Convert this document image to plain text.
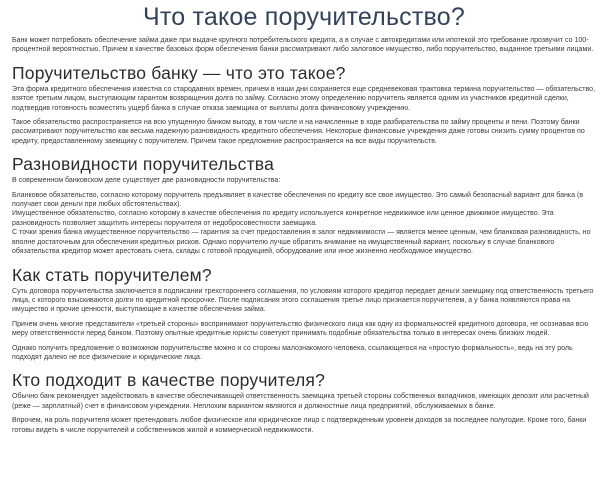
Что такое поручительство?

Банк может потребовать обеспечение займа даже при выдаче крупного потребительского кредита, а в случае с автокредитами или ипотекой это требование прозвучит со 100-процентной вероятностью. Причем в качестве базовых форм обеспечения банки рассматривают либо залоговое имущество, либо поручительство, выданное третьими лицами.

Поручительство банку — что это такое?

Эта форма кредитного обеспечения известна со стародавних времен, причем в наши дни сохраняется еще средневековая трактовка термина поручительство — обязательство, взятое третьим лицом, выступающим гарантом возвращения долга по займу. Согласно этому определению поручитель является одним из участников кредитной сделки, подтвердив готовность возместить ущерб банка в случае отказа заемщика от выплаты долга финансовому учреждению.

Такое обязательство распространяется на всю упущенную банком выгоду, в том числе и на начисленные в ходе разбирательства по займу проценты и пени. Поэтому банки рассматривают поручительство как весьма надежную разновидность кредитного обеспечения. Некоторые финансовые учреждения даже готовы снизить сумму процентов по кредиту, предоставленному заемщику с поручителем. Причем такое предложение распространяется на все виды поручительств.

Разновидности поручительства

В современном банковском деле существует две разновидности поручительства:

Бланковое обязательство, согласно которому поручитель предъявляет в качестве обеспечения по кредиту все свое имущество. Это самый безопасный вариант для банка (в получает свои деньги при любых обстоятельствах).

Имущественное обязательство, согласно которому в качестве обеспечения по кредиту используется конкретное недвижимое или ценное движимое имущество. Эта разновидность позволяет защитить интересы поручителя от недобросовестности заемщика.

С точки зрения банка имущественное поручительство — гарантия за счет предоставления в залог недвижимости — является менее ценным, чем бланковая разновидность, но вполне достаточным для обеспечения кредитных рисков. Однако поручителю лучше обратить внимание на имущественный вариант, поскольку в случае бланкового обязательства кредитор может арестовать счета, склады с готовой продукцией, оборудование или иное жизненно необходимое имущество.

Как стать поручителем?

Суть договора поручительства заключается в подписании трехстороннего соглашения, по условиям которого кредитор передает деньги заемщику под ответственность третьего лица, с которого взыскиваются долги по кредитной просрочке. После подписания этого соглашения третье лицо признается поручителем, а у банка появляются права на имущество и прочие ценности, выступающие в качестве обеспечения займа.

Причем очень многие представители «третьей стороны» воспринимают поручительство физического лица как одну из формальностей кредитного договора, не осознавая всю меру ответственности перед банком. Поэтому опытные кредитные юристы советуют принимать подобные обязательства только в интересах очень близких людей.

Однако получить предложение о возможном поручительстве можно и со стороны малознакомого человека, ссылающегося на «простую формальность», ведь на эту роль подходят далеко не все физические и юридические лица.

Кто подходит в качестве поручителя?

Обычно банк рекомендует задействовать в качестве обеспечивающей ответственность заемщика третьей стороны собственных вкладчиков, имеющих депозит или расчетный (реже — зарплатный) счет в финансовом учреждении. Неплохим вариантом являются и должностные лица предприятий, обслуживаемых в банке.

Впрочем, на роль поручителя может претендовать любое физическое или юридическое лицо с подтвержденным уровнем доходов за последнее полугодие. Кроме того, банки готовы видеть в числе поручителей и собственников жилой и коммерческой недвижимости.
